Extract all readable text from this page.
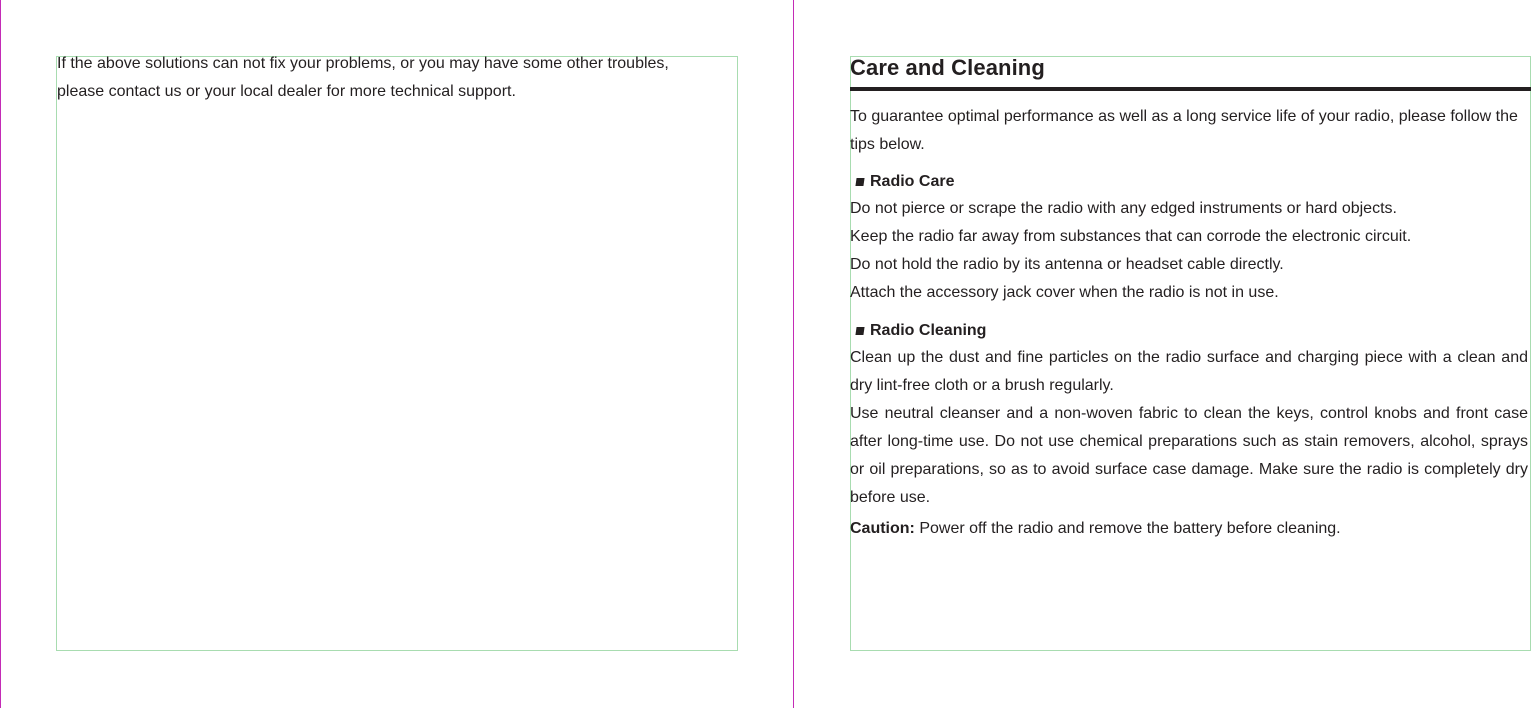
If the above solutions can not fix your problems, or you may have some other troubles,
please contact us or your local dealer for more technical support.
Care and Cleaning

To guarantee optimal performance as well as a long service life of your radio, please follow the tips below.

Radio Care

Do not pierce or scrape the radio with any edged instruments or hard objects.

Keep the radio far away from substances that can corrode the electronic circuit.

Do not hold the radio by its antenna or headset cable directly.

Attach the accessory jack cover when the radio is not in use.

Radio Cleaning

Clean up the dust and fine particles on the radio surface and charging piece with a clean and dry lint-free cloth or a brush regularly.

Use neutral cleanser and a non-woven fabric to clean the keys, control knobs and front case after long-time use. Do not use chemical preparations such as stain removers, alcohol, sprays or oil preparations, so as to avoid surface case damage. Make sure the radio is completely dry before use.

Caution: Power off the radio and remove the battery before cleaning.
